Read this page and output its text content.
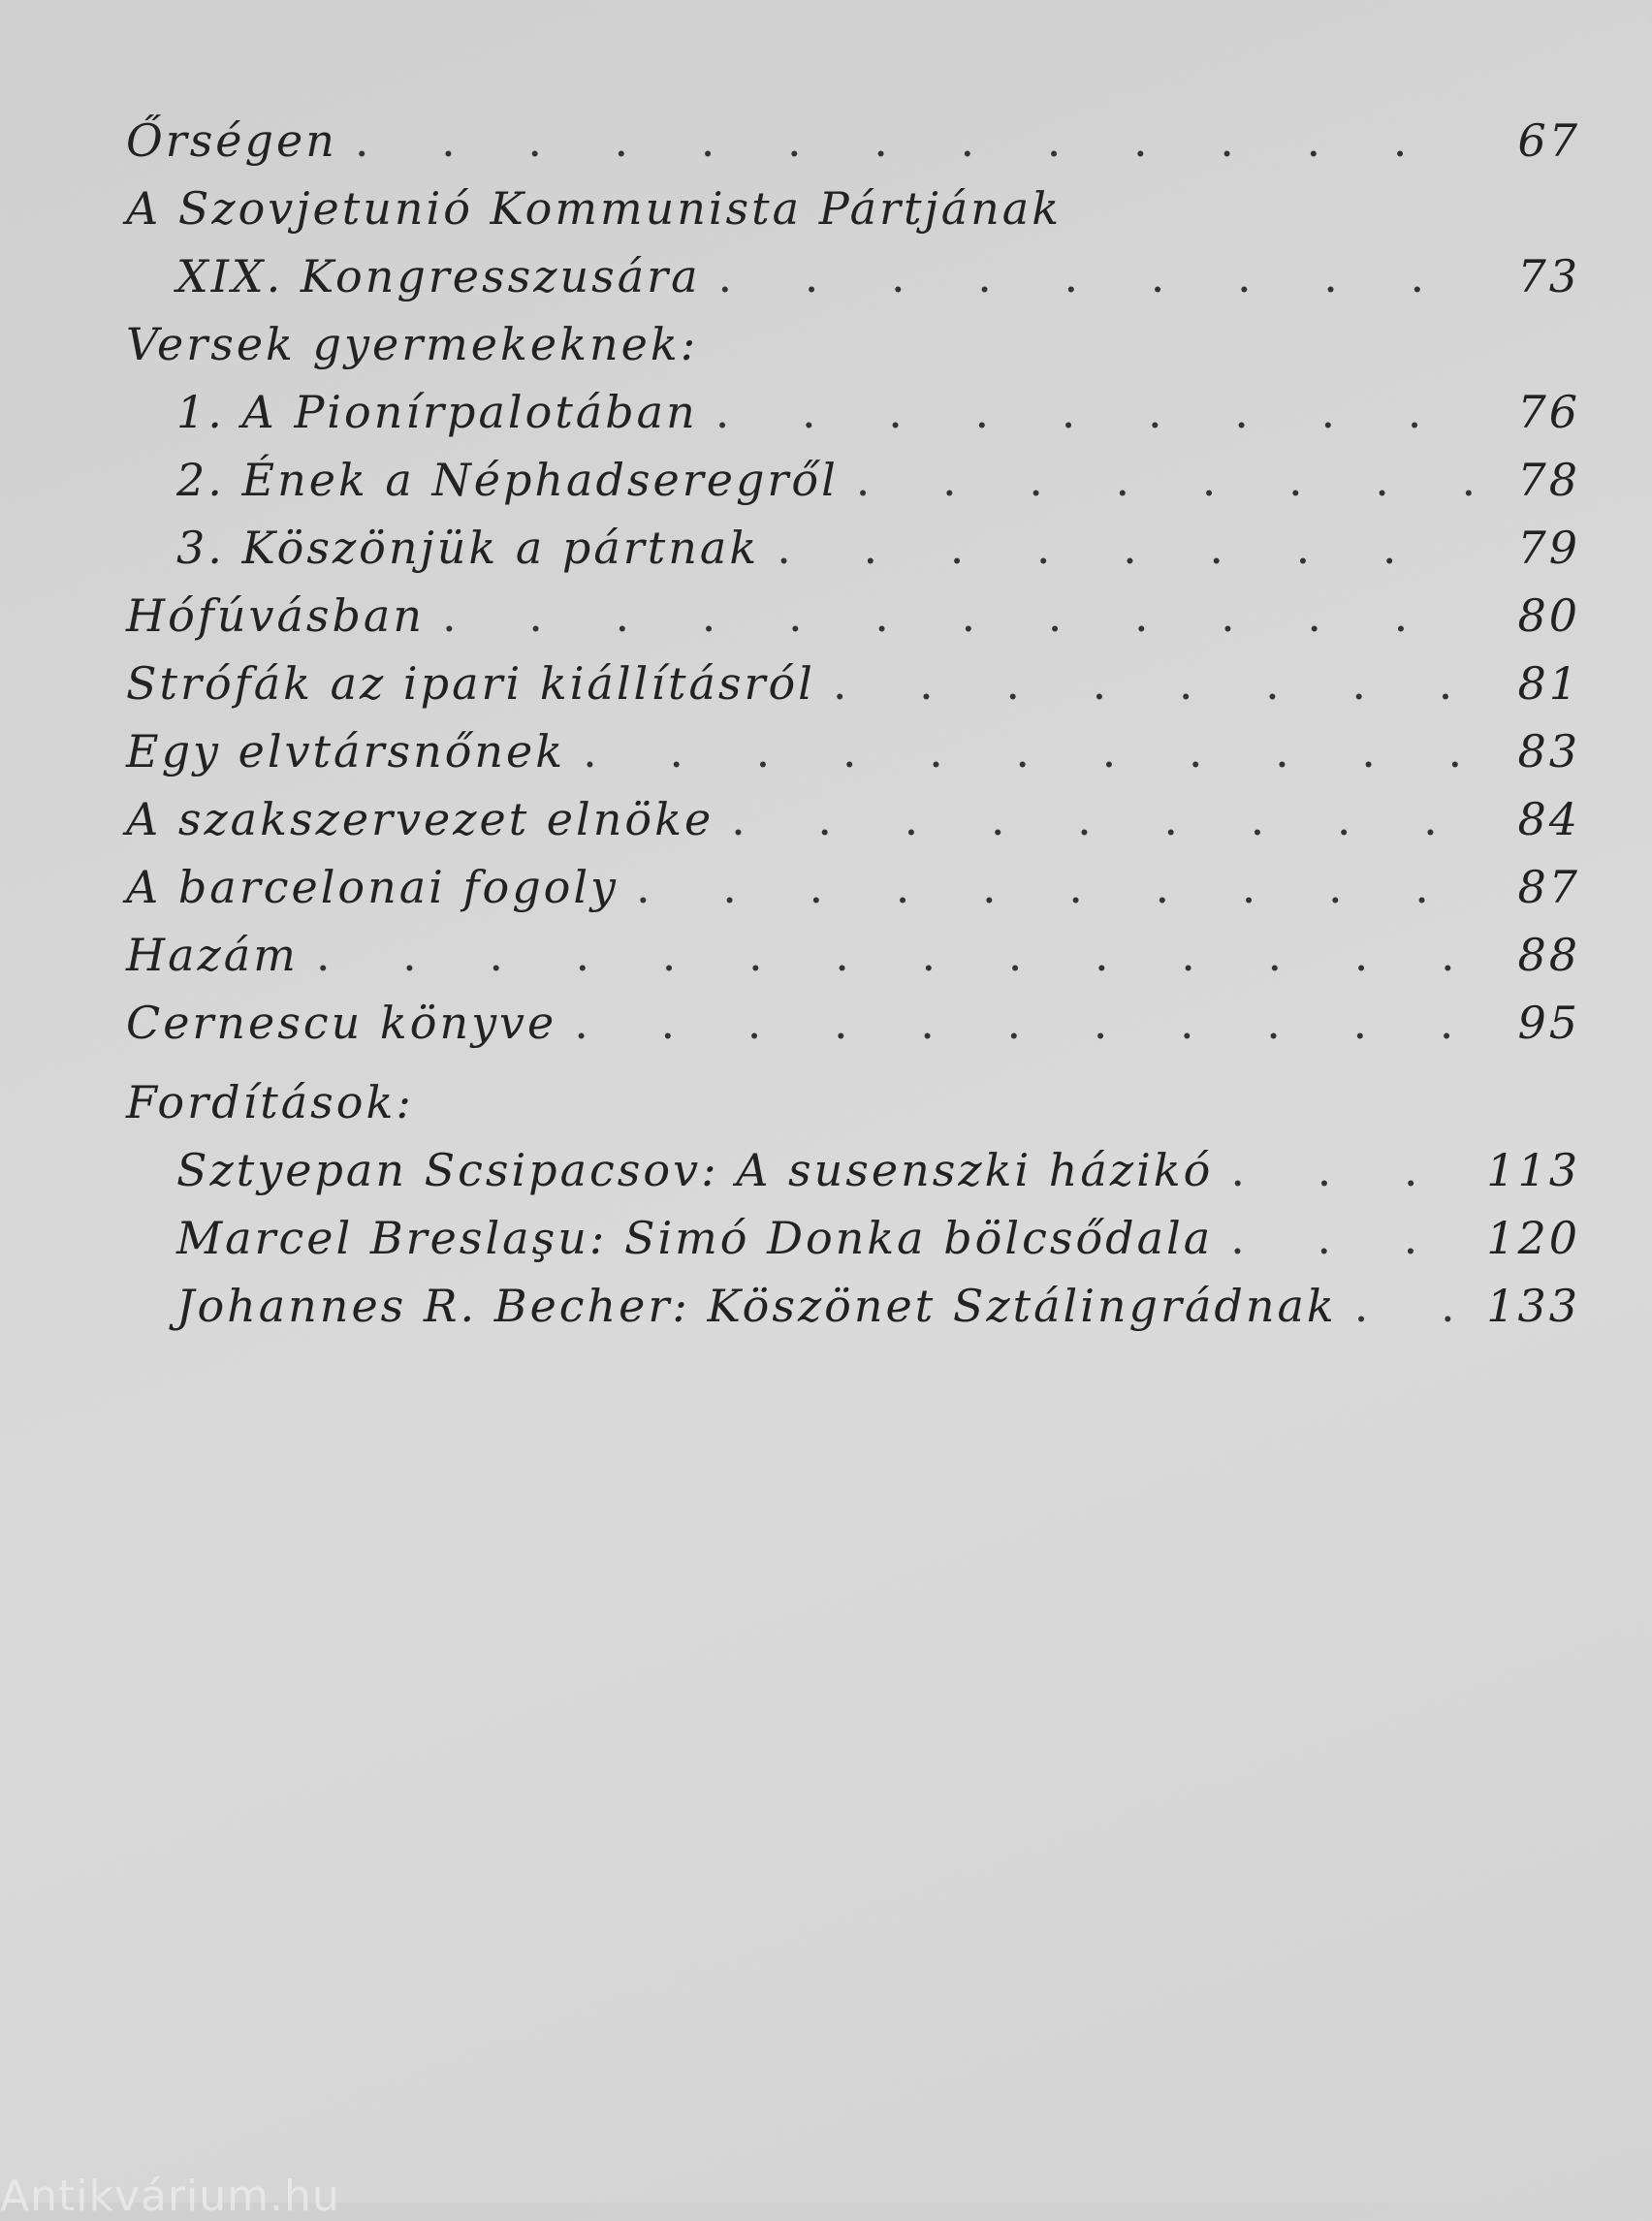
Őrségen . . .	67
A Szovjetunió Kommunista Pártjának
XIX. Kongresszusára . . .	73
Versek gyermekeknek:
1. A Pionírpalotában . . .	76
2. Ének a Néphadseregről . . .	78
3. Köszönjük a pártnak . . .	79
Hófúvásban . . .	80
Strófák az ipari kiállításról . . .	81
Egy elvtársnőnek . . .	83
A szakszervezet elnöke . . .	84
A barcelonai fogoly . . .	87
Hazám . . .	88
Cernescu könyve . . .	95
Fordítások:
Sztyepan Scsipacsov: A susenszki házikó . . .	113
Marcel Breslaşu: Simó Donka bölcsődala . . .	120
Johannes R. Becher: Köszönet Sztálingrádnak . . .	133
Antikvárium.hu
